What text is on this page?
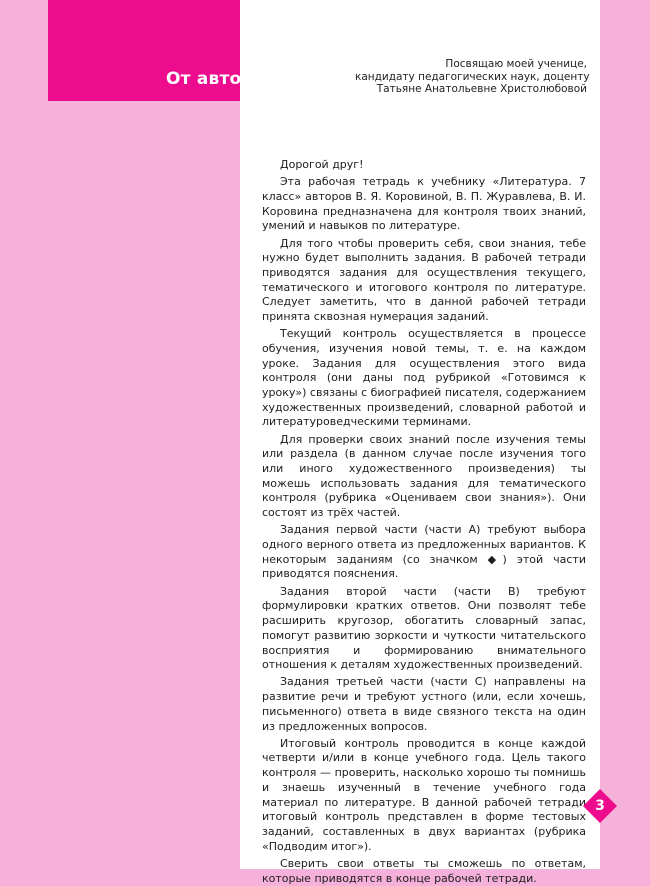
От автора
Посвящаю моей ученице,
кандидату педагогических наук, доценту
Татьяне Анатольевне Христолюбовой

Дорогой друг!

Эта рабочая тетрадь к учебнику «Литература. 7 класс» авторов В. Я. Коровиной, В. П. Журавлева, В. И. Коровина предназначена для контроля твоих знаний, умений и навыков по литературе.

Для того чтобы проверить себя, свои знания, тебе нужно будет выполнить задания. В рабочей тетради приводятся задания для осуществления текущего, тематического и итогового контроля по литературе. Следует заметить, что в данной рабочей тетради принята сквозная нумерация заданий.

Текущий контроль осуществляется в процессе обучения, изучения новой темы, т. е. на каждом уроке. Задания для осуществления этого вида контроля (они даны под рубрикой «Готовимся к уроку») связаны с биографией писателя, содержанием художественных произведений, словарной работой и литературоведческими терминами.

Для проверки своих знаний после изучения темы или раздела (в данном случае после изучения того или иного художественного произведения) ты можешь использовать задания для тематического контроля (рубрика «Оцениваем свои знания»). Они состоят из трёх частей.

Задания первой части (части А) требуют выбора одного верного ответа из предложенных вариантов. К некоторым заданиям (со значком ◆) этой части приводятся пояснения.

Задания второй части (части В) требуют формулировки кратких ответов. Они позволят тебе расширить кругозор, обогатить словарный запас, помогут развитию зоркости и чуткости читательского восприятия и формированию внимательного отношения к деталям художественных произведений.

Задания третьей части (части С) направлены на развитие речи и требуют устного (или, если хочешь, письменного) ответа в виде связного текста на один из предложенных вопросов.

Итоговый контроль проводится в конце каждой четверти и/или в конце учебного года. Цель такого контроля — проверить, насколько хорошо ты помнишь и знаешь изученный в течение учебного года материал по литературе. В данной рабочей тетради итоговый контроль представлен в форме тестовых заданий, составленных в двух вариантах (рубрика «Подводим итог»).

Сверить свои ответы ты сможешь по ответам, которые приводятся в конце рабочей тетради.

3
